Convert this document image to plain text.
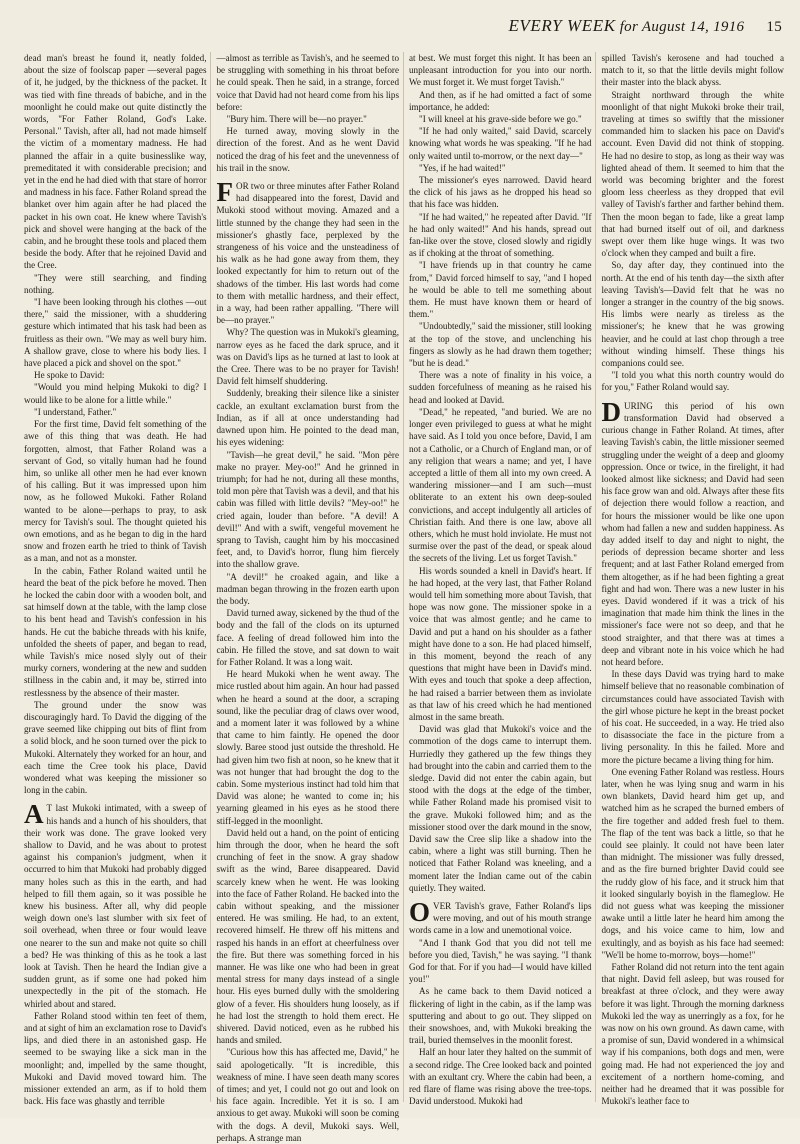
EVERY WEEK for August 14, 1916 15

dead man's breast he found it, neatly folded, about the size of foolscap paper —several pages of it, he judged, by the thickness of the packet. It was tied with fine threads of babiche, and in the moonlight he could make out quite distinctly the words, "For Father Roland, God's Lake. Personal." Tavish, after all, had not made himself the victim of a momentary madness. He had planned the affair in a quite businesslike way, premeditated it with considerable precision; and yet in the end he had died with that stare of horror and madness in his face. Father Roland spread the blanket over him again after he had placed the packet in his own coat. He knew where Tavish's pick and shovel were hanging at the back of the cabin, and he brought these tools and placed them beside the body. After that he rejoined David and the Cree.

"They were still searching, and finding nothing.

"I have been looking through his clothes —out there," said the missioner, with a shuddering gesture which intimated that his task had been as fruitless as their own. "We may as well bury him. A shallow grave, close to where his body lies. I have placed a pick and shovel on the spot."

He spoke to David:

"Would you mind helping Mukoki to dig? I would like to be alone for a little while."

"I understand, Father."

For the first time, David felt something of the awe of this thing that was death. He had forgotten, almost, that Father Roland was a servant of God, so vitally human had he found him, so unlike all other men he had ever known of his calling. But it was impressed upon him now, as he followed Mukoki. Father Roland wanted to be alone—perhaps to pray, to ask mercy for Tavish's soul. The thought quieted his own emotions, and as he began to dig in the hard snow and frozen earth he tried to think of Tavish as a man, and not as a monster.

In the cabin, Father Roland waited until he heard the beat of the pick before he moved. Then he locked the cabin door with a wooden bolt, and sat himself down at the table, with the lamp close to his bent head and Tavish's confession in his hands. He cut the babiche threads with his knife, unfolded the sheets of paper, and began to read, while Tavish's mice nosed slyly out of their murky corners, wondering at the new and sudden stillness in the cabin and, it may be, stirred into restlessness by the absence of their master.

The ground under the snow was discouragingly hard. To David the digging of the grave seemed like chipping out bits of flint from a solid block, and he soon turned over the pick to Mukoki. Alternately they worked for an hour, and each time the Cree took his place, David wondered what was keeping the missioner so long in the cabin.

A T last Mukoki intimated, with a sweep of his hands and a hunch of his shoulders, that their work was done. The grave looked very shallow to David, and he was about to protest against his companion's judgment, when it occurred to him that Mukoki had probably digged many holes such as this in the earth, and had helped to fill them again, so it was possible he knew his business. After all, why did people weigh down one's last slumber with six feet of soil overhead, when three or four would leave one nearer to the sun and make not quite so chill a bed? He was thinking of this as he took a last look at Tavish. Then he heard the Indian give a sudden grunt, as if some one had poked him unexpectedly in the pit of the stomach. He whirled about and stared.

Father Roland stood within ten feet of them, and at sight of him an exclamation rose to David's lips, and died there in an astonished gasp. He seemed to be swaying like a sick man in the moonlight; and, impelled by the same thought, Mukoki and David moved toward him. The missioner extended an arm, as if to hold them back. His face was ghastly and terrible

—almost as terrible as Tavish's, and he seemed to be struggling with something in his throat before he could speak. Then he said, in a strange, forced voice that David had not heard come from his lips before:

"Bury him. There will be—no prayer."

He turned away, moving slowly in the direction of the forest. And as he went David noticed the drag of his feet and the unevenness of his trail in the snow.

FOR two or three minutes after Father Roland had disappeared into the forest, David and Mukoki stood without moving. Amazed and a little stunned by the change they had seen in the missioner's ghastly face, perplexed by the strangeness of his voice and the unsteadiness of his walk as he had gone away from them, they looked expectantly for him to return out of the shadows of the timber. His last words had come to them with metallic hardness, and their effect, in a way, had been rather appalling. "There will be—no prayer."

Why? The question was in Mukoki's gleaming, narrow eyes as he faced the dark spruce, and it was on David's lips as he turned at last to look at the Cree. There was to be no prayer for Tavish! David felt himself shuddering.

Suddenly, breaking their silence like a sinister cackle, an exultant exclamation burst from the Indian, as if all at once understanding had dawned upon him. He pointed to the dead man, his eyes widening:

"Tavish—he great devil," he said. "Mon père make no prayer. Mey-oo!" And he grinned in triumph; for had he not, during all these months, told mon père that Tavish was a devil, and that his cabin was filled with little devils? "Mey-oo!" he cried again, louder than before. "A devil! A devil!" And with a swift, vengeful movement he sprang to Tavish, caught him by his moccasined feet, and, to David's horror, flung him fiercely into the shallow grave.

"A devil!" he croaked again, and like a madman began throwing in the frozen earth upon the body.

David turned away, sickened by the thud of the body and the fall of the clods on its upturned face. A feeling of dread followed him into the cabin. He filled the stove, and sat down to wait for Father Roland. It was a long wait.

He heard Mukoki when he went away. The mice rustled about him again. An hour had passed when he heard a sound at the door, a scraping sound, like the peculiar drag of claws over wood, and a moment later it was followed by a whine that came to him faintly. He opened the door slowly. Baree stood just outside the threshold. He had given him two fish at noon, so he knew that it was not hunger that had brought the dog to the cabin. Some mysterious instinct had told him that David was alone; he wanted to come in; his yearning gleamed in his eyes as he stood there stiff-legged in the moonlight.

David held out a hand, on the point of enticing him through the door, when he heard the soft crunching of feet in the snow. A gray shadow swift as the wind, Baree disappeared. David scarcely knew when he went. He was looking into the face of Father Roland. He backed into the cabin without speaking, and the missioner entered. He was smiling. He had, to an extent, recovered himself. He threw off his mittens and rasped his hands in an effort at cheerfulness over the fire. But there was something forced in his manner. He was like one who had been in great mental stress for many days instead of a single hour. His eyes burned dully with the smoldering glow of a fever. His shoulders hung loosely, as if he had lost the strength to hold them erect. He shivered. David noticed, even as he rubbed his hands and smiled.

"Curious how this has affected me, David," he said apologetically. "It is incredible, this weakness of mine. I have seen death many scores of times; and yet, I could not go out and look on his face again. Incredible. Yet it is so. I am anxious to get away. Mukoki will soon be coming with the dogs. A devil, Mukoki says. Well, perhaps. A strange man

at best. We must forget this night. It has been an unpleasant introduction for you into our north. We must forget it. We must forget Tavish."

And then, as if he had omitted a fact of some importance, he added:

"I will kneel at his grave-side before we go."

"If he had only waited," said David, scarcely knowing what words he was speaking. "If he had only waited until to-morrow, or the next day—"

"Yes, if he had waited!"

The missioner's eyes narrowed. David heard the click of his jaws as he dropped his head so that his face was hidden.

"If he had waited," he repeated after David. "If he had only waited!" And his hands, spread out fan-like over the stove, closed slowly and rigidly as if choking at the throat of something.

"I have friends up in that country he came from," David forced himself to say, "and I hoped he would be able to tell me something about them. He must have known them or heard of them."

"Undoubtedly," said the missioner, still looking at the top of the stove, and unclenching his fingers as slowly as he had drawn them together; "but he is dead."

There was a note of finality in his voice, a sudden forcefulness of meaning as he raised his head and looked at David.

"Dead," he repeated, "and buried. We are no longer even privileged to guess at what he might have said. As I told you once before, David, I am not a Catholic, or a Church of England man, or of any religion that wears a name; and yet, I have accepted a little of them all into my own creed. A wandering missioner—and I am such—must obliterate to an extent his own deep-souled convictions, and accept indulgently all articles of Christian faith. And there is one law, above all others, which he must hold inviolate. He must not surmise over the past of the dead, or speak aloud the secrets of the living. Let us forget Tavish."

His words sounded a knell in David's heart. If he had hoped, at the very last, that Father Roland would tell him something more about Tavish, that hope was now gone. The missioner spoke in a voice that was almost gentle; and he came to David and put a hand on his shoulder as a father might have done to a son. He had placed himself, in this moment, beyond the reach of any questions that might have been in David's mind. With eyes and touch that spoke a deep affection, he had raised a barrier between them as inviolate as that law of his creed which he had mentioned almost in the same breath.

David was glad that Mukoki's voice and the commotion of the dogs came to interrupt them. Hurriedly they gathered up the few things they had brought into the cabin and carried them to the sledge. David did not enter the cabin again, but stood with the dogs at the edge of the timber, while Father Roland made his promised visit to the grave. Mukoki followed him; and as the missioner stood over the dark mound in the snow, David saw the Cree slip like a shadow into the cabin, where a light was still burning. Then he noticed that Father Roland was kneeling, and a moment later the Indian came out of the cabin quietly. They waited.

OVER Tavish's grave, Father Roland's lips were moving, and out of his mouth strange words came in a low and unemotional voice.

"And I thank God that you did not tell me before you died, Tavish," he was saying. "I thank God for that. For if you had—I would have killed you!"

As he came back to them David noticed a flickering of light in the cabin, as if the lamp was sputtering and about to go out. They slipped on their snowshoes, and, with Mukoki breaking the trail, buried themselves in the moonlit forest.

Half an hour later they halted on the summit of a second ridge. The Cree looked back and pointed with an exultant cry. Where the cabin had been, a red flare of flame was rising above the tree-tops. David understood. Mukoki had

spilled Tavish's kerosene and had touched a match to it, so that the little devils might follow their master into the black abyss.

Straight northward through the white moonlight of that night Mukoki broke their trail, traveling at times so swiftly that the missioner commanded him to slacken his pace on David's account. Even David did not think of stopping. He had no desire to stop, as long as their way was lighted ahead of them. It seemed to him that the world was becoming brighter and the forest gloom less cheerless as they dropped that evil valley of Tavish's farther and farther behind them. Then the moon began to fade, like a great lamp that had burned itself out of oil, and darkness swept over them like huge wings. It was two o'clock when they camped and built a fire.

So, day after day, they continued into the north. At the end of his tenth day—the sixth after leaving Tavish's—David felt that he was no longer a stranger in the country of the big snows. His limbs were nearly as tireless as the missioner's; he knew that he was growing heavier, and he could at last chop through a tree without winding himself. These things his companions could see.

"I told you what this north country would do for you," Father Roland would say.

DURING this period of his own transformation David had observed a curious change in Father Roland. At times, after leaving Tavish's cabin, the little missioner seemed struggling under the weight of a deep and gloomy oppression. Once or twice, in the firelight, it had looked almost like sickness; and David had seen his face grow wan and old. Always after these fits of dejection there would follow a reaction, and for hours the missioner would be like one upon whom had fallen a new and sudden happiness. As day added itself to day and night to night, the periods of depression became shorter and less frequent; and at last Father Roland emerged from them altogether, as if he had been fighting a great fight and had won. There was a new luster in his eyes. David wondered if it was a trick of his imagination that made him think the lines in the missioner's face were not so deep, and that he stood straighter, and that there was at times a deep and vibrant note in his voice which he had not heard before.

In these days David was trying hard to make himself believe that no reasonable combination of circumstances could have associated Tavish with the girl whose picture he kept in the breast pocket of his coat. He succeeded, in a way. He tried also to disassociate the face in the picture from a living personality. In this he failed. More and more the picture became a living thing for him.

One evening Father Roland was restless. Hours later, when he was lying snug and warm in his own blankets, David heard him get up, and watched him as he scraped the burned embers of the fire together and added fresh fuel to them. The flap of the tent was back a little, so that he could see plainly. It could not have been later than midnight. The missioner was fully dressed, and as the fire burned brighter David could see the ruddy glow of his face, and it struck him that it looked singularly boyish in the flameglow. He did not guess what was keeping the missioner awake until a little later he heard him among the dogs, and his voice came to him, low and exultingly, and as boyish as his face had seemed: "We'll be home to-morrow, boys—home!"

Father Roland did not return into the tent again that night. David fell asleep, but was roused for breakfast at three o'clock, and they were away before it was light. Through the morning darkness Mukoki led the way as unerringly as a fox, for he was now on his own ground. As dawn came, with a promise of sun, David wondered in a whimsical way if his companions, both dogs and men, were going mad. He had not experienced the joy and excitement of a northern home-coming, and neither had he dreamed that it was possible for Mukoki's leather face to
